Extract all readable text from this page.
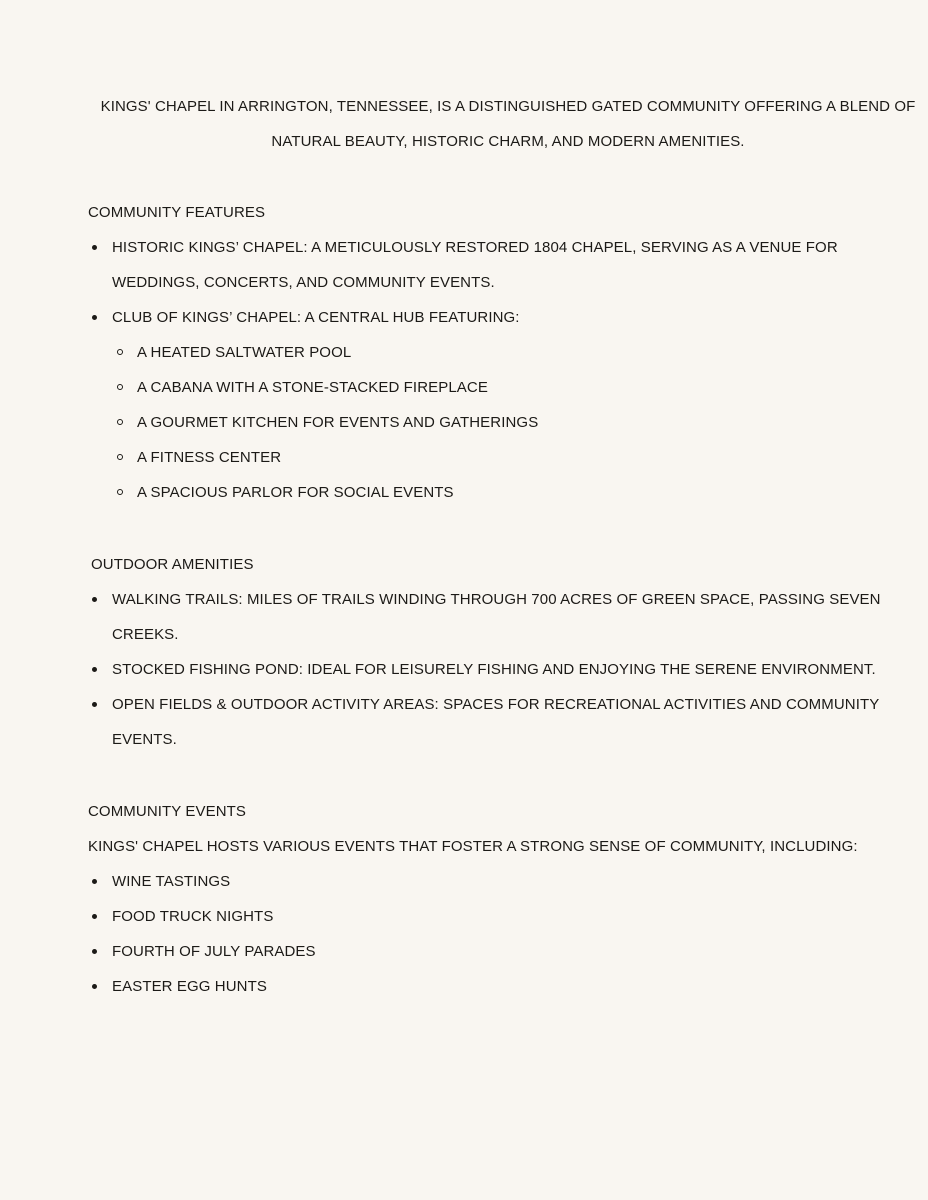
KINGS' CHAPEL IN ARRINGTON, TENNESSEE, IS A DISTINGUISHED GATED COMMUNITY OFFERING A BLEND OF NATURAL BEAUTY, HISTORIC CHARM, AND MODERN AMENITIES.

COMMUNITY FEATURES
HISTORIC KINGS’ CHAPEL: A METICULOUSLY RESTORED 1804 CHAPEL, SERVING AS A VENUE FOR WEDDINGS, CONCERTS, AND COMMUNITY EVENTS.
CLUB OF KINGS’ CHAPEL: A CENTRAL HUB FEATURING:
A HEATED SALTWATER POOL
A CABANA WITH A STONE-STACKED FIREPLACE
A GOURMET KITCHEN FOR EVENTS AND GATHERINGS
A FITNESS CENTER
A SPACIOUS PARLOR FOR SOCIAL EVENTS
OUTDOOR AMENITIES
WALKING TRAILS: MILES OF TRAILS WINDING THROUGH 700 ACRES OF GREEN SPACE, PASSING SEVEN CREEKS.
STOCKED FISHING POND: IDEAL FOR LEISURELY FISHING AND ENJOYING THE SERENE ENVIRONMENT.
OPEN FIELDS & OUTDOOR ACTIVITY AREAS: SPACES FOR RECREATIONAL ACTIVITIES AND COMMUNITY EVENTS.
COMMUNITY EVENTS

KINGS' CHAPEL HOSTS VARIOUS EVENTS THAT FOSTER A STRONG SENSE OF COMMUNITY, INCLUDING:

WINE TASTINGS
FOOD TRUCK NIGHTS
FOURTH OF JULY PARADES
EASTER EGG HUNTS
